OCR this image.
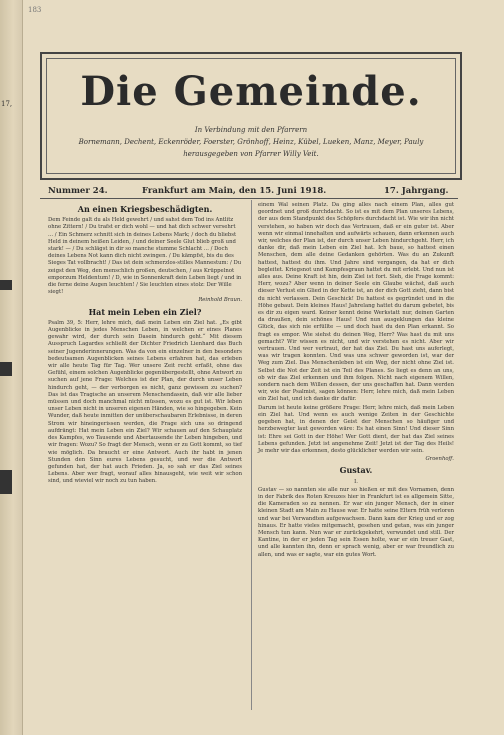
17,
183
Die Gemeinde.
In Verbindung mit den Pfarrern
Bornemann, Dechent, Eckenröder, Foerster, Grönhoff, Heinz, Kübel, Lueken, Manz, Meyer, Pauly
herausgegeben von Pfarrer Willy Veit.
Nummer 24.	Frankfurt am Main, den 15. Juni 1918.	17. Jahrgang.
An einen Kriegsbeschädigten.

Dem Feinde galt du als Held gewehrt / und sahst dem Tod ins Antlitz ohne Zittern! / Du trafst er dich wohl — und hat dich schwer versehrt ... / Ein Schmerz schnitt sich in deines Lebens Mark; / doch du bliebst Held in deinem heißen Leiden, / und deiner Seele Glut blieb groß und stark! — / Du schlägst in dir so manche stumme Schlacht ... / Doch deines Lebens Not kann dich nicht zwingen. / Du kämpfst, bis du des Sieges Tat vollbracht! / Das ist dein schmerzlos-stilles Mannestum: / Du zeigst den Weg, den menschlich großen, deutschen, / aus Krüppelnot emporzum Heldentum! / D, wie in Sonnenkraft dein Leben liegt / und in die ferne deine Augen leuchten! / Sie leuchten eines stolz: Der Wille siegt!

Reinhold Braun.

Hat mein Leben ein Ziel?

Psalm 39, 5: Herr, lehre mich, daß mein Leben ein Ziel hat. „Es gibt Augenblicke in jedes Menschen Leben, in welchen er eines Planes gewahr wird, der durch sein Dasein hindurch geht.“ Mit diesem Ausspruch Lagardes schließt der Dichter Friedrich Lienhard das Buch seiner Jugenderinnerungen. Was da von ein einzelner in den besonders bedeutsamen Augenblicken seines Lebens erfahren hat, das erleben wir alle heute Tag für Tag. Wer unsere Zeit recht erfaßt, ohne das Gefühl, einem solchen Augenblicke gegenübergestellt, ohne Antwort zu suchen auf jene Frage: Welches ist der Plan, der durch unser Leben hindurch geht, — der verborgen es nicht, ganz gewissen zu suchen? Das ist das Tragische an unserem Menschendasein, daß wir alle lieber müssen und doch manchmal nicht müssen, wozu es gut ist. Wir leben unser Leben nicht in unseren eigenen Händen, wie so hingegeben. Kein Wunder, daß heute inmitten der unüberschaubaren Erlebnisse, in deren Strom wir hineingerissen werden, die Frage sich uns so dringend aufdrängt: Hat mein Leben ein Ziel? Wir schauen auf den Schauplatz des Kampfes, wo Tausende und Abertausende ihr Leben hingeben, und wir fragen: Wozu? So fragt der Mensch, wenn er zu Gott kommt, so tief wie möglich. Da braucht er eine Antwort. Auch ihr habt in jenen Stunden den Sinn eures Lebens gesucht, und wer die Antwort gefunden hat, der hat auch Frieden. Ja, so sah er das Ziel seines Lebens. Aber wer fragt, worauf alles hinausgeht, wie weit wir schon sind, und wieviel wir noch zu tun haben.

einem Wal seinen Platz. Da ging alles nach einem Plan, alles gut geordnet und groß durchdacht. So ist es mit dem Plan unseres Lebens, der aus dem Standpunkt des Schöpfers durchdacht ist. Wie wir ihn nicht verstehen, so haben wir doch das Vertrauen, daß er ein guter ist. Aber wenn wir einmal innehalten und aufwärts schauen, dann erkennen auch wir, welches der Plan ist, der durch unser Leben hindurchgeht. Herr, ich danke dir, daß mein Leben ein Ziel hat. Ich baue, so hattest einen Menschen, dem alle deine Gedanken gehörten. Was du an Zukunft hattest, hattest du ihm. Und Jahre sind vergangen, da hat er dich begleitet. Kriegsnot und Kampfesgraun hattet du mit erlebt. Und nun ist alles aus. Deine Kraft ist hin, dein Ziel ist fort. Sieh, die Frage kommt: Herr, wozu? Aber wenn in deiner Seele ein Glaube wächst, daß auch dieser Verlust ein Glied in der Kette ist, an der dich Gott zieht, dann bist du nicht verlassen. Dein Geschick! Du hattest es gegründet und in die Höhe gebaut. Dein kleines Haus! Jahrelang hattet du darum gebetet, bis es dir zu eigen ward. Keiner kennt deine Werkstatt nur, deinen Garten da draußen, dein schönes Haus! Und nun ausgeklungen das kleine Glück, das sich nie erfüllte — und doch hast du den Plan erkannt. So fragt es empor. Wie siehst du deinen Weg, Herr? Was hast du mit uns gemacht? Wir wissen es nicht, und wir verstehen es nicht. Aber wir vertrauen. Und wer vertraut, der hat das Ziel. Du hast uns auferlegt, was wir tragen konnten. Und was uns schwer geworden ist, war der Weg zum Ziel. Das Menschenleben ist ein Weg, der nicht ohne Ziel ist. Selbst die Not der Zeit ist ein Teil des Planes. So liegt es denn an uns, ob wir das Ziel erkennen und ihm folgen. Nicht nach eigenem Willen, sondern nach dem Willen dessen, der uns geschaffen hat. Dann werden wir, wie der Psalmist, sagen können: Herr, lehre mich, daß mein Leben ein Ziel hat, und ich danke dir dafür.

Darum ist heute keine größere Frage: Herr, lehre mich, daß mein Leben ein Ziel hat. Und wenn es auch wenige Zeiten in der Geschichte gegeben hat, in denen der Geist der Menschen so häufiger und herzbewegter laut geworden wäre: Es hat einen Sinn! Und dieser Sinn ist: Ehre sei Gott in der Höhe! Wer Gott dient, der hat das Ziel seines Lebens gefunden. Jetzt ist angenehme Zeit! Jetzt ist der Tag des Heils! Je mehr wir das erkennen, desto glücklicher werden wir sein.

Groenhoff.

Gustav.

I.

Gustav — so nannten sie alle nur so hießen er mit des Vornamen, denn in der Fabrik des Roten Kreuzes hier in Frankfurt ist es allgemein Sitte, die Kameraden so zu nennen. Er war ein junger Mensch, der in einer kleinen Stadt am Main zu Hause war. Er hatte seine Eltern früh verloren und war bei Verwandten aufgewachsen. Dann kam der Krieg und er zog hinaus. Er hatte vieles mitgemacht, gesehen und getan, was ein junger Mensch tun kann. Nun war er zurückgekehrt, verwundet und still. Der Kantine, in der er jeden Tag sein Essen holte, war er ein treuer Gast, und alle kannten ihn, denn er sprach wenig, aber er war freundlich zu allen, und was er sagte, war ein gutes Wort.
